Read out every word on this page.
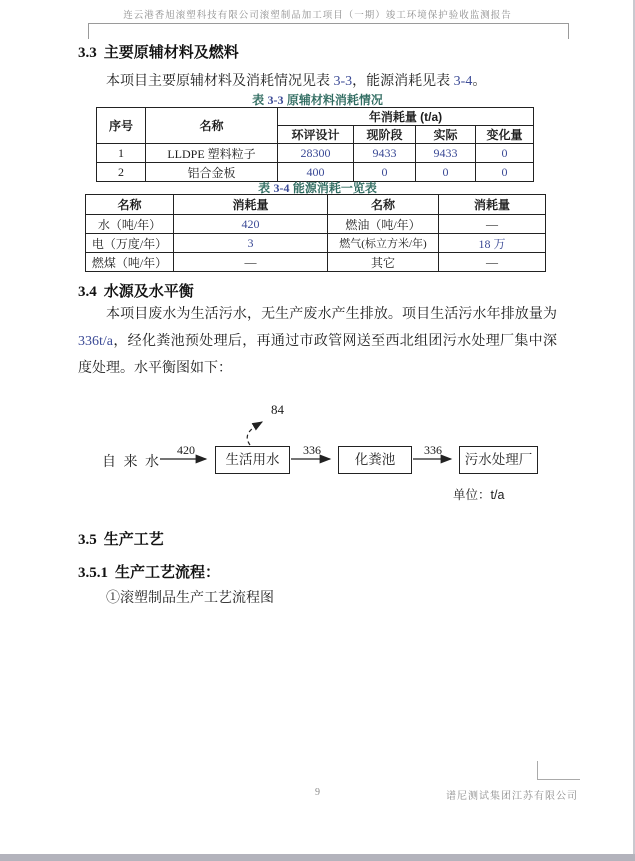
连云港香旭滚塑科技有限公司滚塑制品加工项目（一期）竣工环境保护验收监测报告
3.3 主要原辅材料及燃料
本项目主要原辅材料及消耗情况见表 3-3，能源消耗见表 3-4。
表 3-3 原辅材料消耗情况
序号	名称	年消耗量 (t/a)			
		环评设计	现阶段	实际	变化量
1	LLDPE 塑料粒子	28300	9433	9433	0
2	铝合金板	400	0	0	0
表 3-4 能源消耗一览表
名称	消耗量	名称	消耗量
水（吨/年）	420	燃油（吨/年）	—
电（万度/年）	3	燃气(标立方米/年)	18 万
燃煤（吨/年）	—	其它	—
3.4 水源及水平衡
本项目废水为生活污水，无生产废水产生排放。项目生活污水年排放量为336t/a，经化粪池预处理后，再通过市政管网送至西北组团污水处理厂集中深度处理。水平衡图如下：
自 来 水
420
生活用水
84
336
化粪池
336
污水处理厂
单位：t/a
3.5 生产工艺
3.5.1 生产工艺流程：
①滚塑制品生产工艺流程图
9	谱尼测试集团江苏有限公司
